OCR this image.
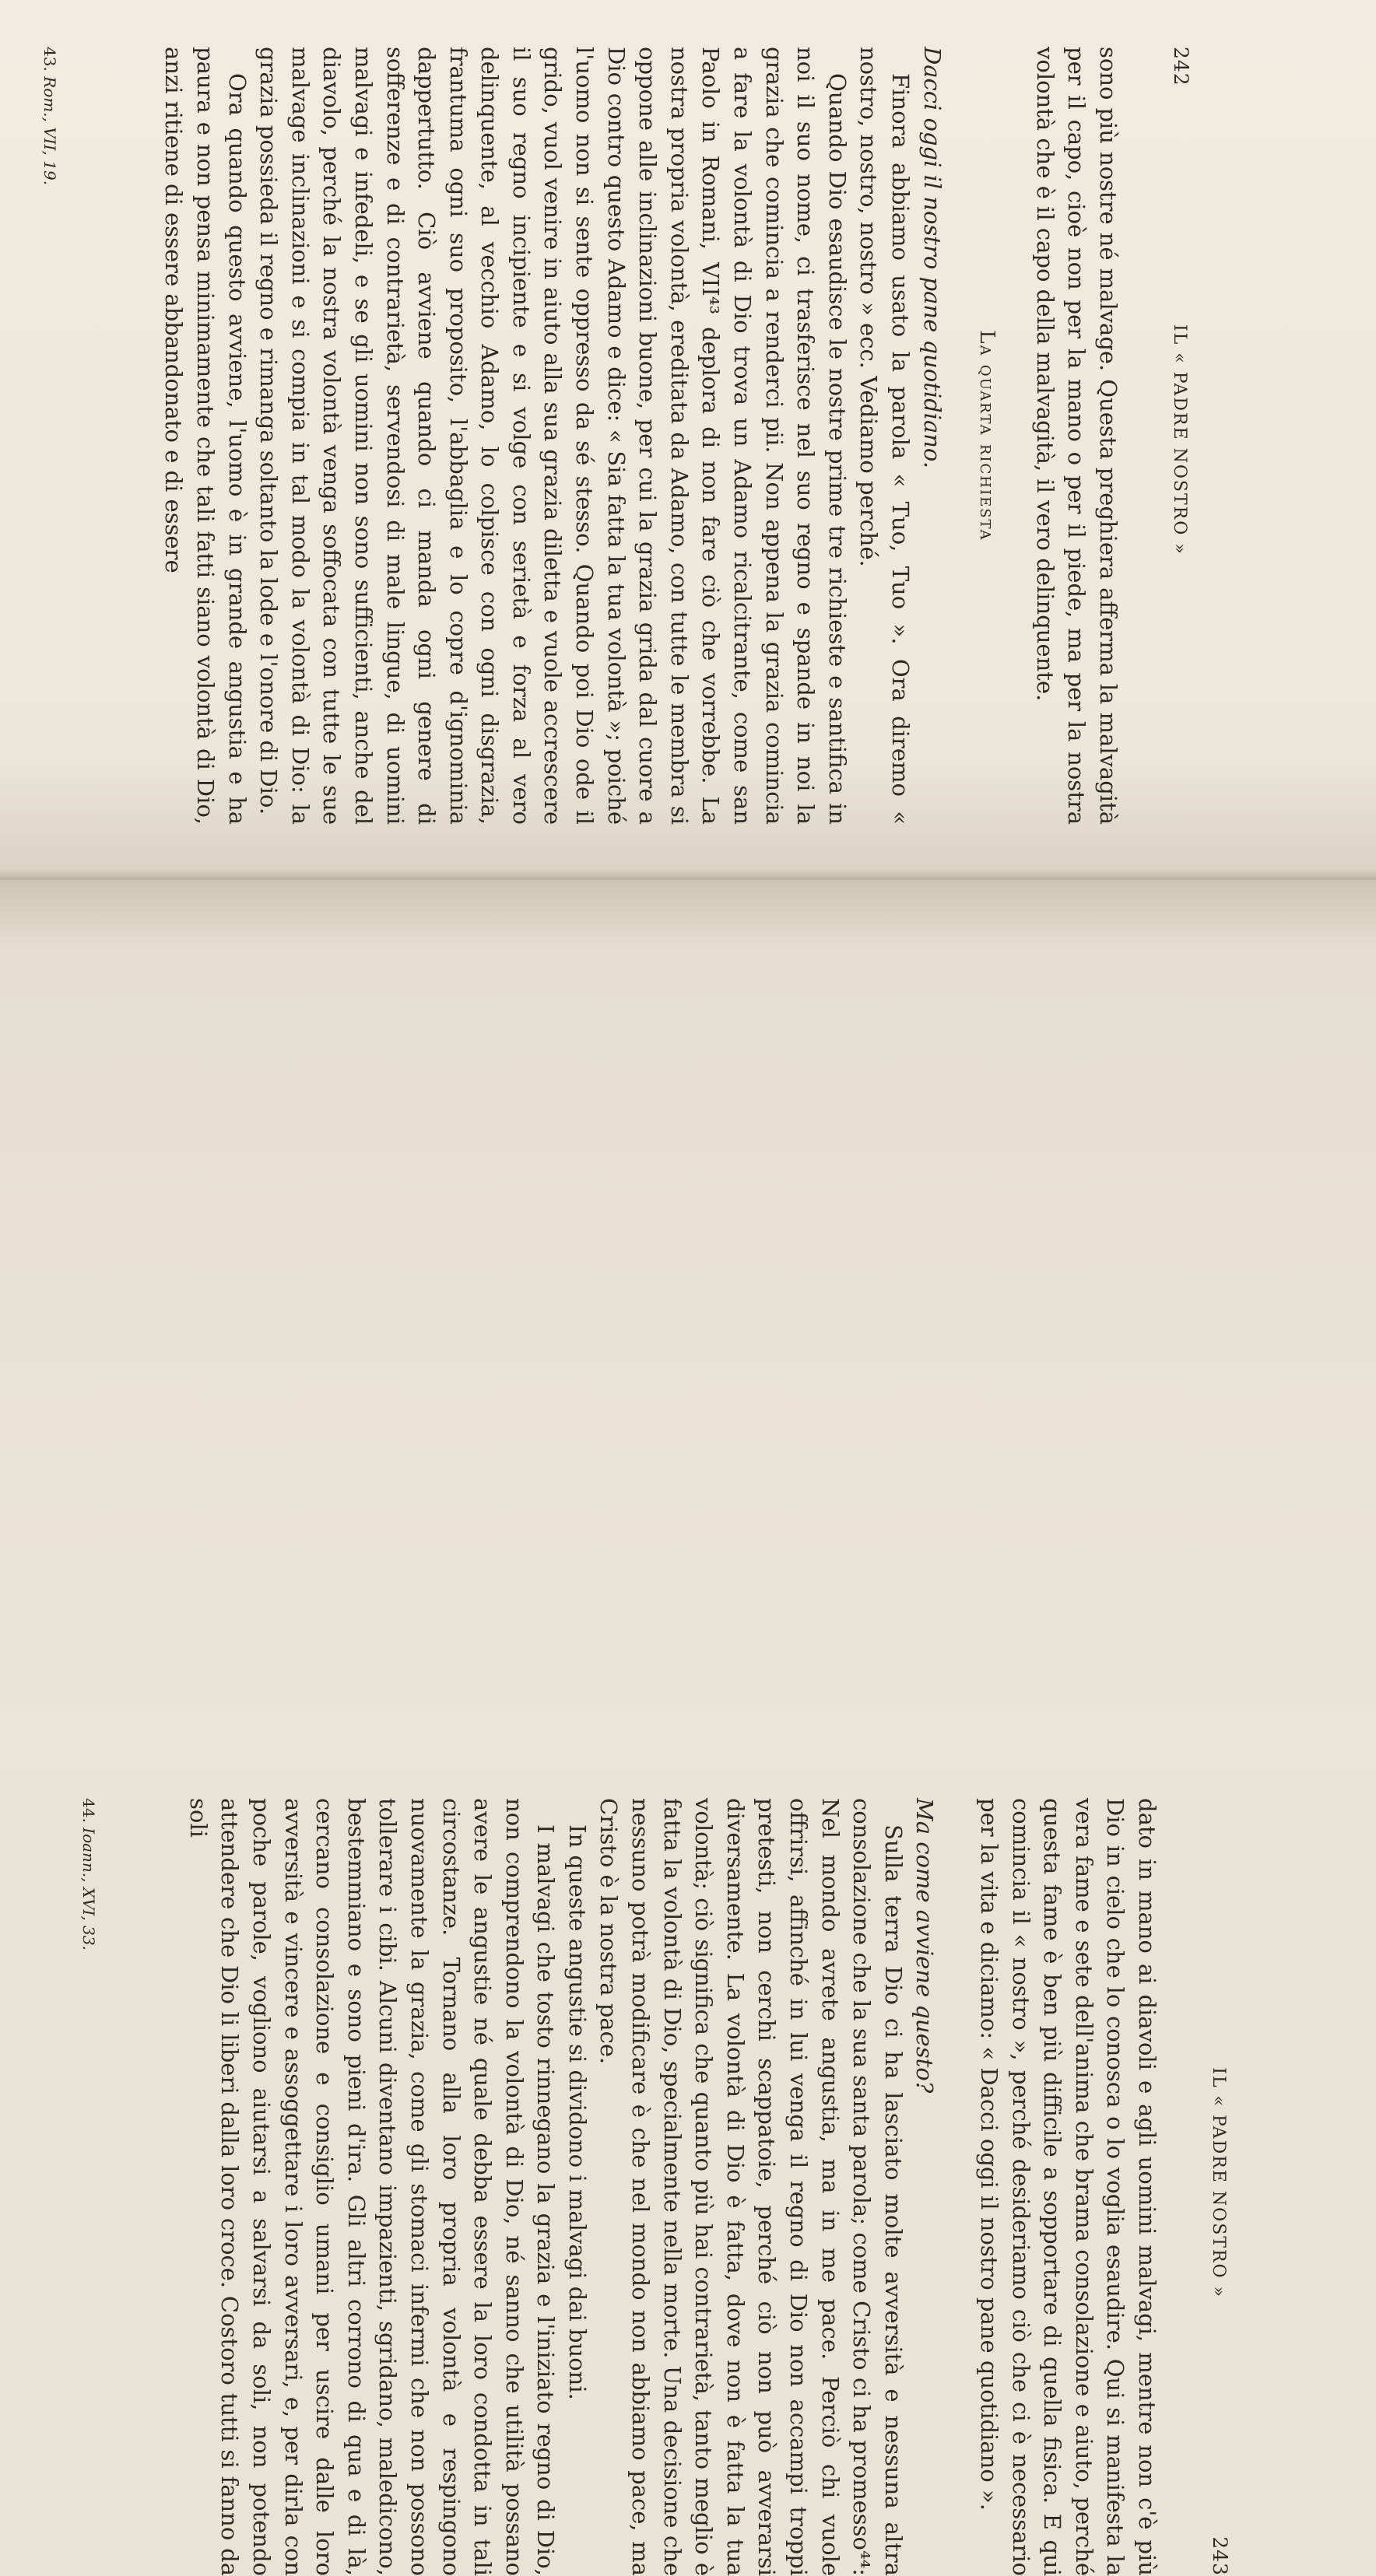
242
IL « PADRE NOSTRO »

sono più nostre né malvage. Questa preghiera afferma la malvagità per il capo, cioè non per la mano o per il piede, ma per la nostra volontà che è il capo della malvagità, il vero delinquente.

La quarta richiesta

Dacci oggi il nostro pane quotidiano.

Finora abbiamo usato la parola « Tuo, Tuo ». Ora diremo « nostro, nostro, nostro » ecc. Vediamo perché.

Quando Dio esaudisce le nostre prime tre richieste e santifica in noi il suo nome, ci trasferisce nel suo regno e spande in noi la grazia che comincia a renderci pii. Non appena la grazia comincia a fare la volontà di Dio trova un Adamo ricalcitrante, come san Paolo in Romani, VII⁴³ deplora di non fare ciò che vorrebbe. La nostra propria volontà, ereditata da Adamo, con tutte le membra si oppone alle inclinazioni buone, per cui la grazia grida dal cuore a Dio contro questo Adamo e dice: « Sia fatta la tua volontà »; poiché l'uomo non si sente oppresso da sé stesso. Quando poi Dio ode il grido, vuol venire in aiuto alla sua grazia diletta e vuole accrescere il suo regno incipiente e si volge con serietà e forza al vero delinquente, al vecchio Adamo, lo colpisce con ogni disgrazia, frantuma ogni suo proposito, l'abbaglia e lo copre d'ignominia dappertutto. Ciò avviene quando ci manda ogni genere di sofferenze e di contrarietà, servendosi di male lingue, di uomini malvagi e infedeli, e se gli uomini non sono sufficienti, anche del diavolo, perché la nostra volontà venga soffocata con tutte le sue malvage inclinazioni e si compia in tal modo la volontà di Dio: la grazia possieda il regno e rimanga soltanto la lode e l'onore di Dio.

Ora quando questo avviene, l'uomo è in grande angustia e ha paura e non pensa minimamente che tali fatti siano volontà di Dio, anzi ritiene di essere abbandonato e di essere

43. Rom., VII, 19.
IL « PADRE NOSTRO »
243

dato in mano ai diavoli e agli uomini malvagi, mentre non c'è più Dio in cielo che lo conosca o lo voglia esaudire. Qui si manifesta la vera fame e sete dell'anima che brama consolazione e aiuto, perché questa fame è ben più difficile a sopportare di quella fisica. E qui comincia il « nostro », perché desideriamo ciò che ci è necessario per la vita e diciamo: « Dacci oggi il nostro pane quotidiano ».

Ma come avviene questo?

Sulla terra Dio ci ha lasciato molte avversità e nessuna altra consolazione che la sua santa parola; come Cristo ci ha promesso⁴⁴: Nel mondo avrete angustia, ma in me pace. Perciò chi vuole offrirsi, affinché in lui venga il regno di Dio non accampi troppi pretesti, non cerchi scappatoie, perché ciò non può avverarsi diversamente. La volontà di Dio è fatta, dove non è fatta la tua volontà; ciò significa che quanto più hai contrarietà, tanto meglio è fatta la volontà di Dio, specialmente nella morte. Una decisione che nessuno potrà modificare è che nel mondo non abbiamo pace, ma Cristo è la nostra pace.

In queste angustie si dividono i malvagi dai buoni.

I malvagi che tosto rinnegano la grazia e l'iniziato regno di Dio, non comprendono la volontà di Dio, né sanno che utilità possano avere le angustie né quale debba essere la loro condotta in tali circostanze. Tornano alla loro propria volontà e respingono nuovamente la grazia, come gli stomaci infermi che non possono tollerare i cibi. Alcuni diventano impazienti, sgridano, maledicono, bestemmiano e sono pieni d'ira. Gli altri corrono di qua e di là, cercano consolazione e consiglio umani per uscire dalle loro avversità e vincere e assoggettare i loro avversari, e, per dirla con poche parole, vogliono aiutarsi a salvarsi da soli, non potendo attendere che Dio li liberi dalla loro croce. Costoro tutti si fanno da soli

44. Ioann., XVI, 33.
